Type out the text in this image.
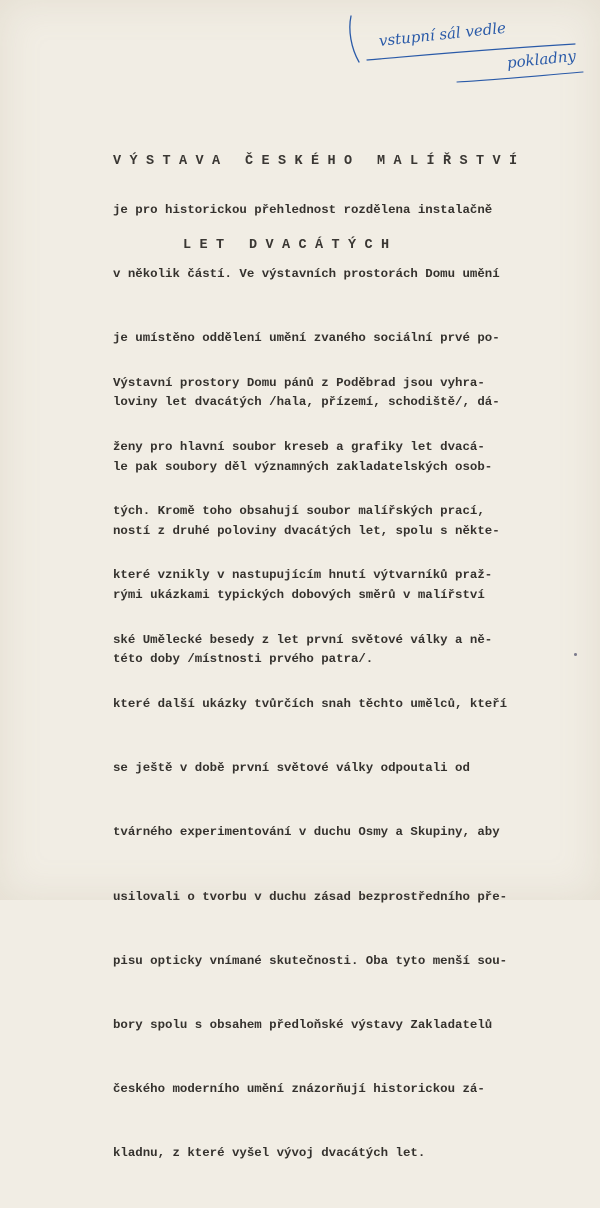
vstupní sál vedle
pokladny

VÝSTAVA ČESKÉHO MALÍŘSTVÍ

LET DVACÁTÝCH

je pro historickou přehlednost rozdělena instalačně

v několik částí. Ve výstavních prostorách Domu umění

je umístěno oddělení umění zvaného sociální prvé po-

loviny let dvacátých /hala, přízemí, schodiště/, dá-

le pak soubory děl významných zakladatelských osob-

ností z druhé poloviny dvacátých let, spolu s někte-

rými ukázkami typických dobových směrů v malířství

této doby /místnosti prvého patra/.

Výstavní prostory Domu pánů z Poděbrad jsou vyhra-

ženy pro hlavní soubor kreseb a grafiky let dvacá-

tých. Kromě toho obsahují soubor malířských prací,

které vznikly v nastupujícím hnutí výtvarníků praž-

ské Umělecké besedy z let první světové války a ně-

které další ukázky tvůrčích snah těchto umělců, kteří

se ještě v době první světové války odpoutali od

tvárného experimentování v duchu Osmy a Skupiny, aby

usilovali o tvorbu v duchu zásad bezprostředního pře-

pisu opticky vnímané skutečnosti. Oba tyto menší sou-

bory spolu s obsahem předloňské výstavy Zakladatelů

českého moderního umění znázorňují historickou zá-

kladnu, z které vyšel vývoj dvacátých let.
